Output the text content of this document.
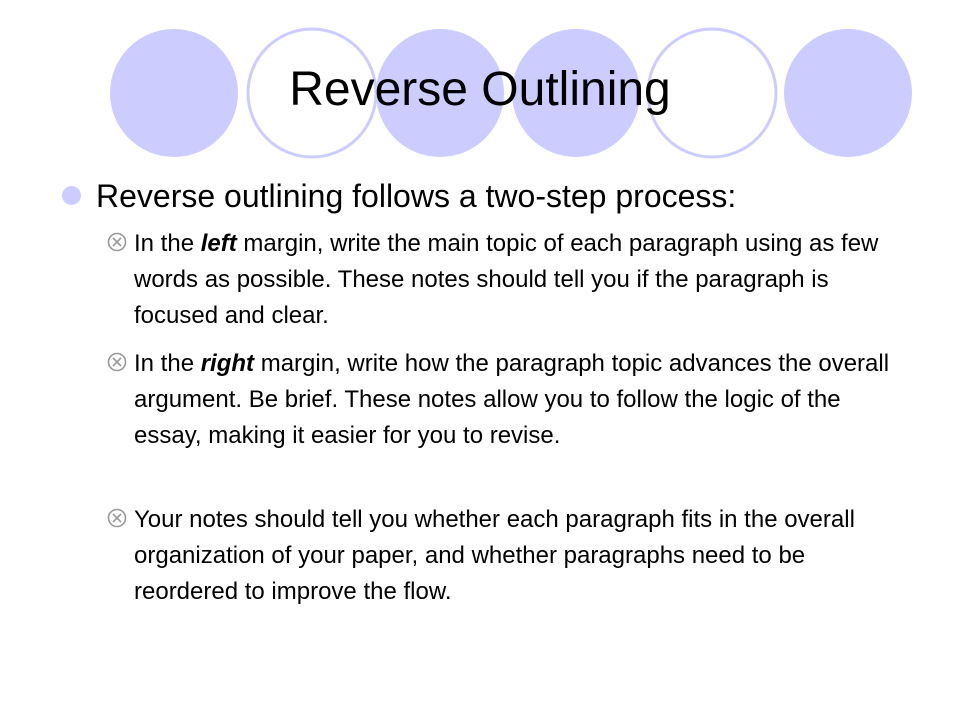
Reverse Outlining

Reverse outlining follows a two-step process:

In the left margin, write the main topic of each paragraph using as few words as possible. These notes should tell you if the paragraph is focused and clear.

In the right margin, write how the paragraph topic advances the overall argument. Be brief. These notes allow you to follow the logic of the essay, making it easier for you to revise.

Your notes should tell you whether each paragraph fits in the overall organization of your paper, and whether paragraphs need to be reordered to improve the flow.
